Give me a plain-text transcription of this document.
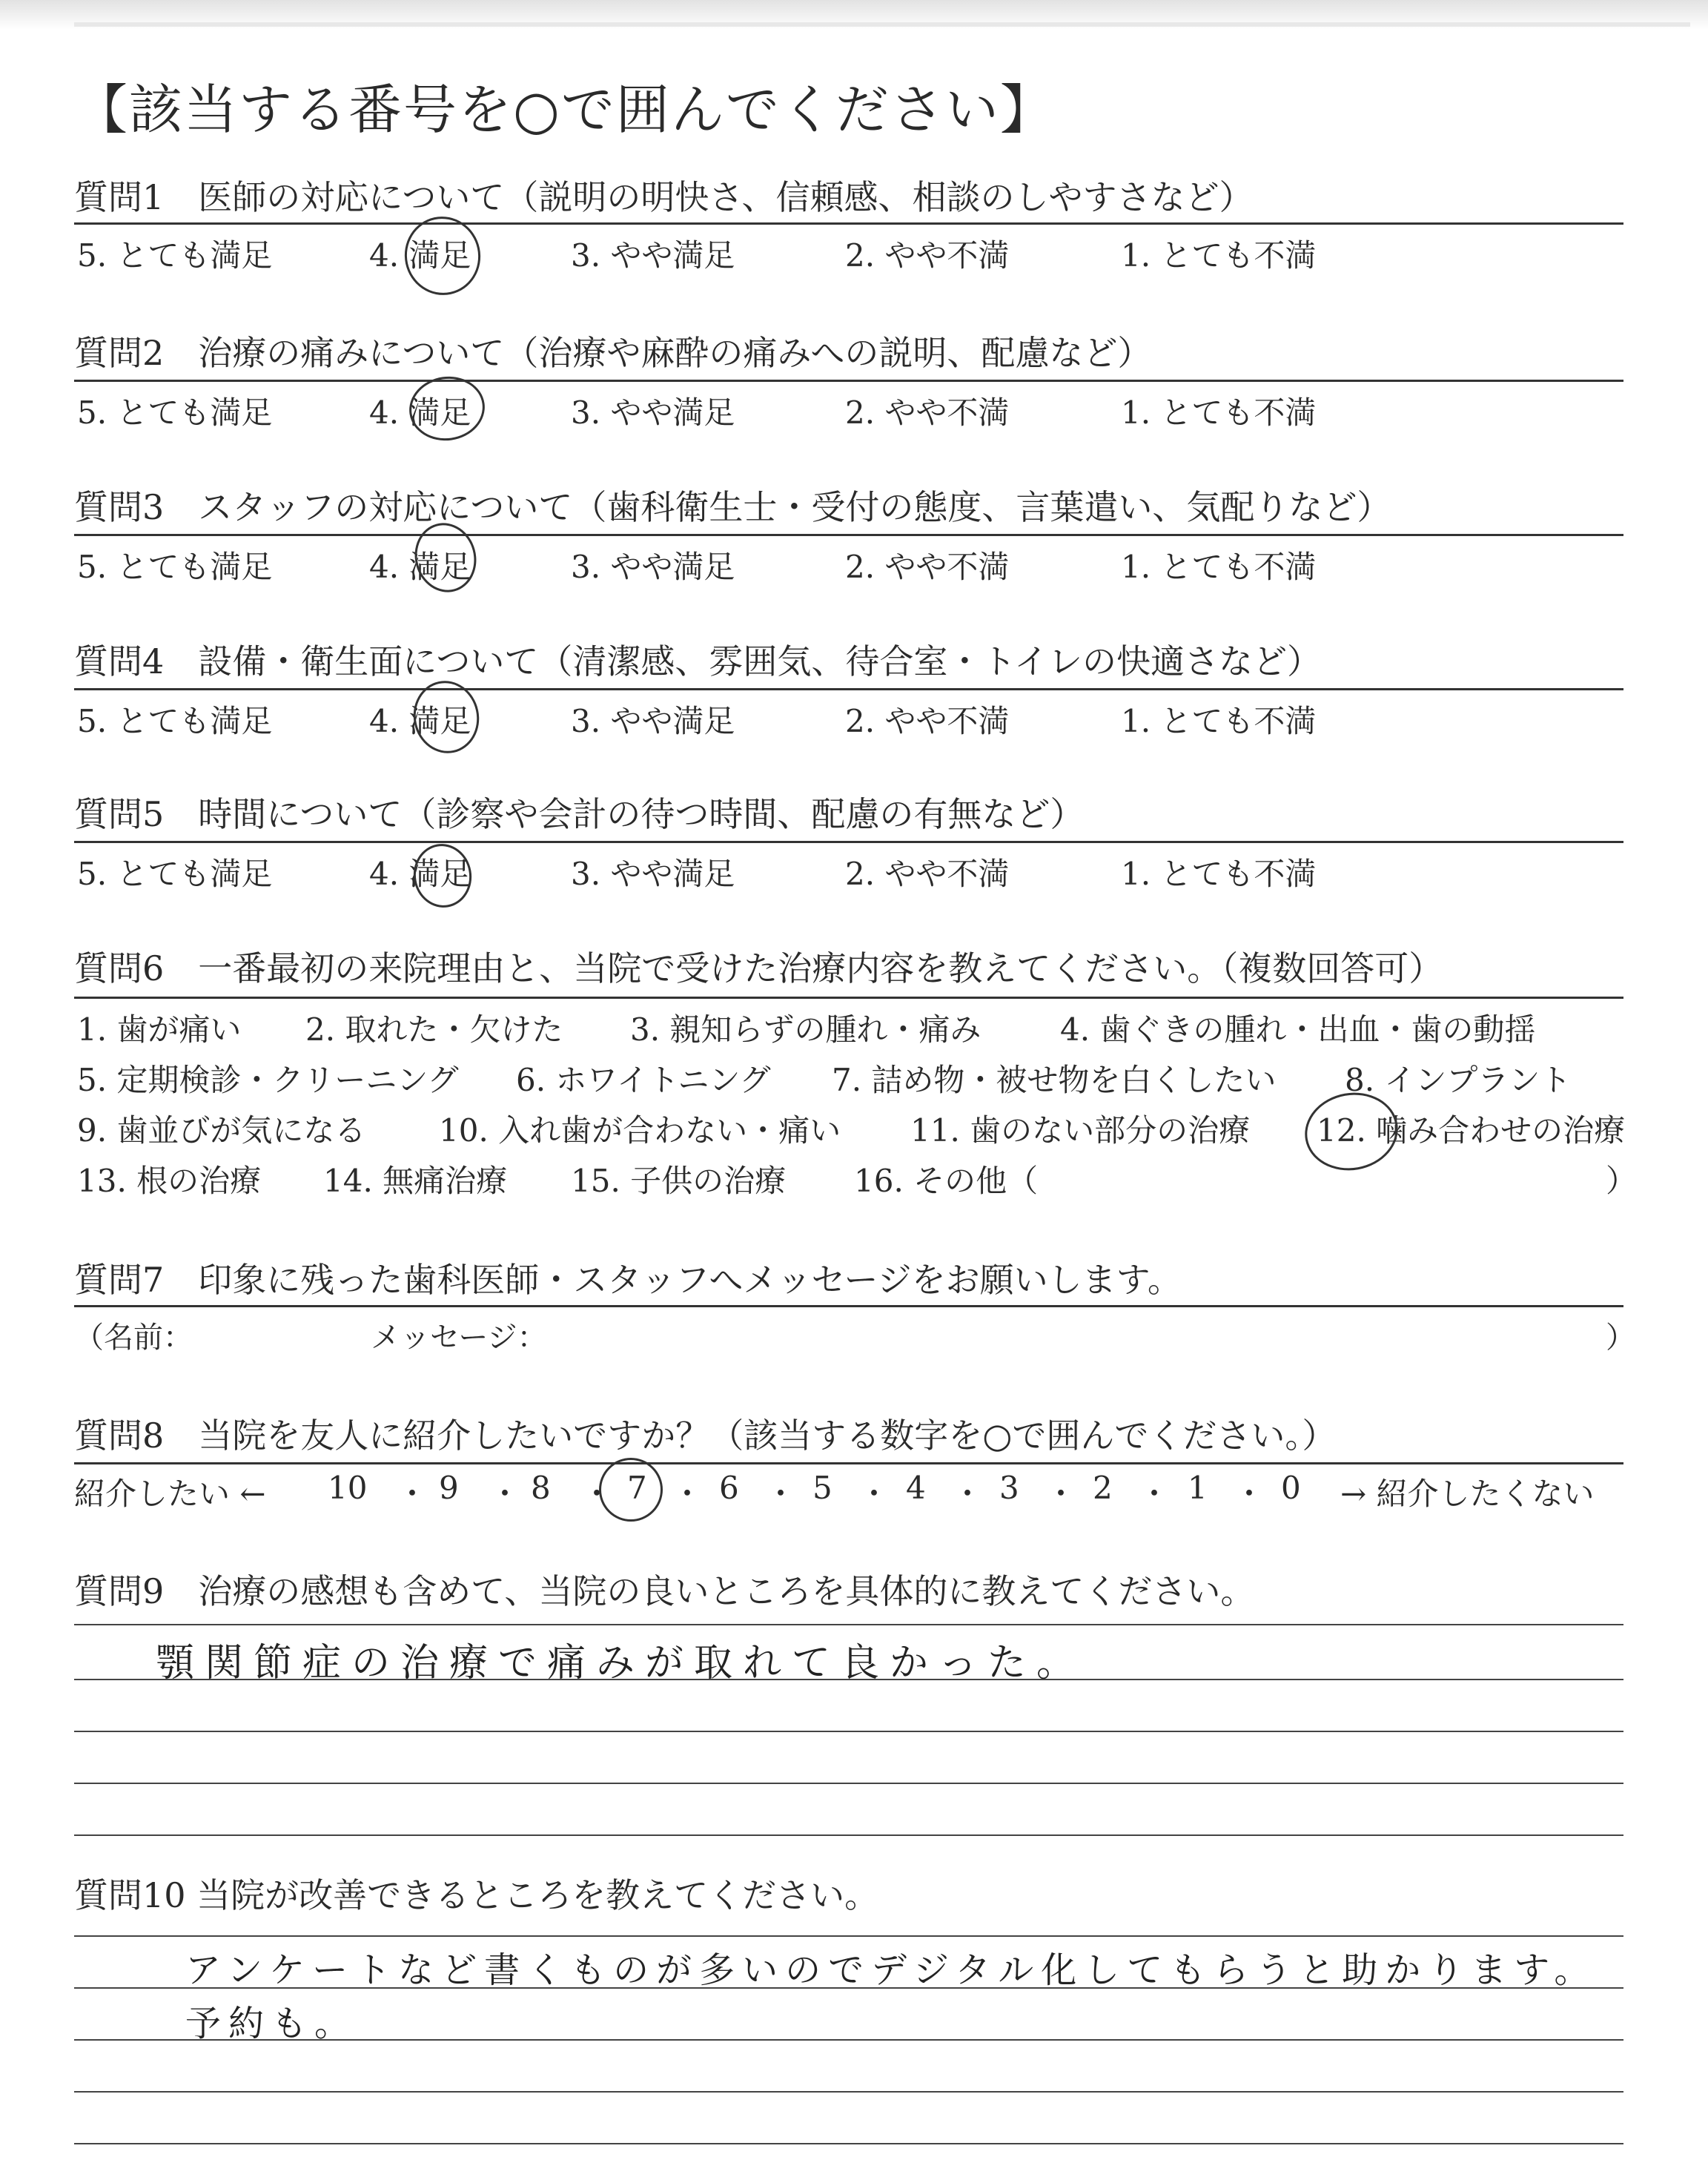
【該当する番号を○で囲んでください】
質問1　医師の対応について（説明の明快さ、信頼感、相談のしやすさなど）
5. とても満足	4. 満足	3. やや満足	2. やや不満	1. とても不満
質問2　治療の痛みについて（治療や麻酔の痛みへの説明、配慮など）
5. とても満足	4. 満足	3. やや満足	2. やや不満	1. とても不満
質問3　スタッフの対応について（歯科衛生士・受付の態度、言葉遣い、気配りなど）
5. とても満足	4. 満足	3. やや満足	2. やや不満	1. とても不満
質問4　設備・衛生面について（清潔感、雰囲気、待合室・トイレの快適さなど）
5. とても満足	4. 満足	3. やや満足	2. やや不満	1. とても不満
質問5　時間について（診察や会計の待つ時間、配慮の有無など）
5. とても満足	4. 満足	3. やや満足	2. やや不満	1. とても不満
質問6　一番最初の来院理由と、当院で受けた治療内容を教えてください。（複数回答可）
1. 歯が痛い 2. 取れた・欠けた 3. 親知らずの腫れ・痛み	4. 歯ぐきの腫れ・出血・歯の動揺
5. 定期検診・クリーニング 6. ホワイトニング 7. 詰め物・被せ物を白くしたい 8. インプラント
9. 歯並びが気になる 10. 入れ歯が合わない・痛い 11. 歯のない部分の治療 12. 噛み合わせの治療
13. 根の治療 14. 無痛治療 15. 子供の治療 16. その他（	）
質問7　印象に残った歯科医師・スタッフへメッセージをお願いします。
（名前：	メッセージ：	）
質問8　当院を友人に紹介したいですか？（該当する数字を○で囲んでください。）
紹介したい ← 10 ・ 9 ・ 8 ・ 7 ・ 6 ・ 5 ・ 4 ・ 3 ・ 2 ・ 1 ・ 0 → 紹介したくない
質問9　治療の感想も含めて、当院の良いところを具体的に教えてください。
顎関節症の治療で痛みが取れて良かった。
質問10 当院が改善できるところを教えてください。
アンケートなど書くものが多いのでデジタル化してもらうと助かります。
予約も。
